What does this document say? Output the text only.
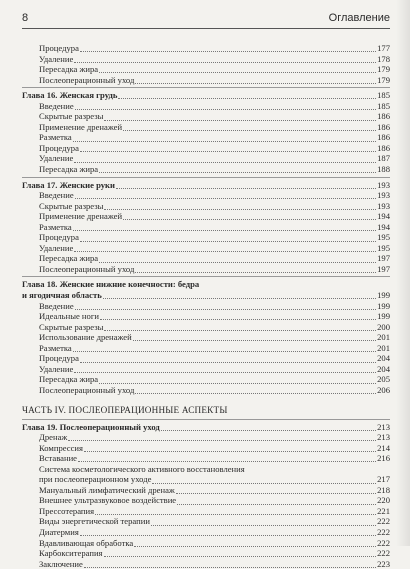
8	Оглавление
Процедура	177
Удаление	178
Пересадка жира	179
Послеоперационный уход	179
Глава 16. Женская грудь	185
Введение	185
Скрытые разрезы	186
Применение дренажей	186
Разметка	186
Процедура	186
Удаление	187
Пересадка жира	188
Глава 17. Женские руки	193
Введение	193
Скрытые разрезы	193
Применение дренажей	194
Разметка	194
Процедура	195
Удаление	195
Пересадка жира	197
Послеоперационный уход	197
Глава 18. Женские нижние конечности: бедра
и ягодичная область	199
Введение	199
Идеальные ноги	199
Скрытые разрезы	200
Использование дренажей	201
Разметка	201
Процедура	204
Удаление	204
Пересадка жира	205
Послеоперационный уход	206
ЧАСТЬ IV. ПОСЛЕОПЕРАЦИОННЫЕ АСПЕКТЫ
Глава 19. Послеоперационный уход	213
Дренаж	213
Компрессия	214
Вставание	216
Система косметологического активного восстановления
при послеоперационном уходе	217
Мануальный лимфатический дренаж	218
Внешнее ультразвуковое воздействие	220
Прессотерапия	221
Виды энергетической терапии	222
Диатермия	222
Вдавливающая обработка	222
Карбокситерапия	222
Заключение	223
